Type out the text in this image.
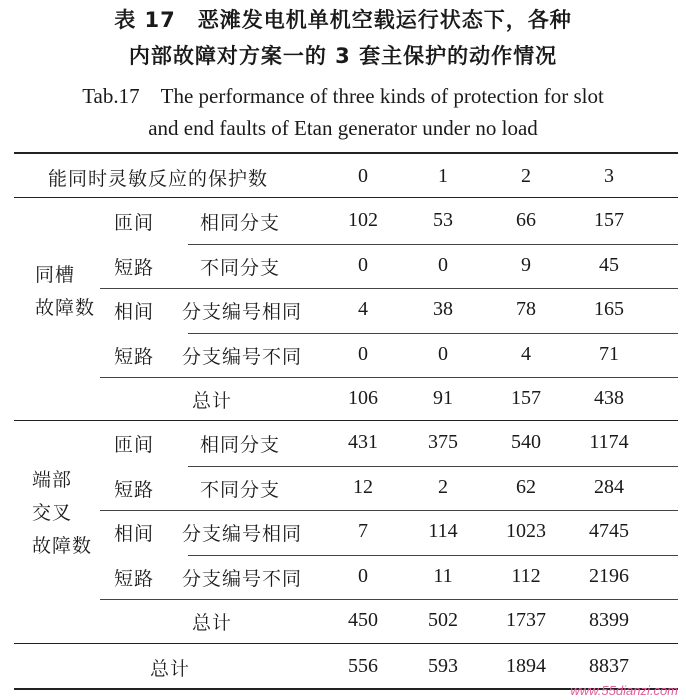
表 17　恶滩发电机单机空载运行状态下，各种
内部故障对方案一的 3 套主保护的动作情况
Tab.17　The performance of three kinds of protection for slot
and end faults of Etan generator under no load
能同时灵敏反应的保护数	0	1	2	3
同槽
故障数
匝间 相同分支	102	53	66	157
短路 不同分支	0	0	9	45
相间 分支编号相同	4	38	78	165
短路 分支编号不同	0	0	4	71
总计	106	91	157	438
端部
交叉
故障数
匝间 相同分支	431	375	540 1174
短路 不同分支	12	2	62	284
相间 分支编号相同	7	114 1023 4745
短路 分支编号不同	0	11	112 2196
总计	450	502 1737 8399
总计	556	593 1894 8837
www.55dianzi.com
